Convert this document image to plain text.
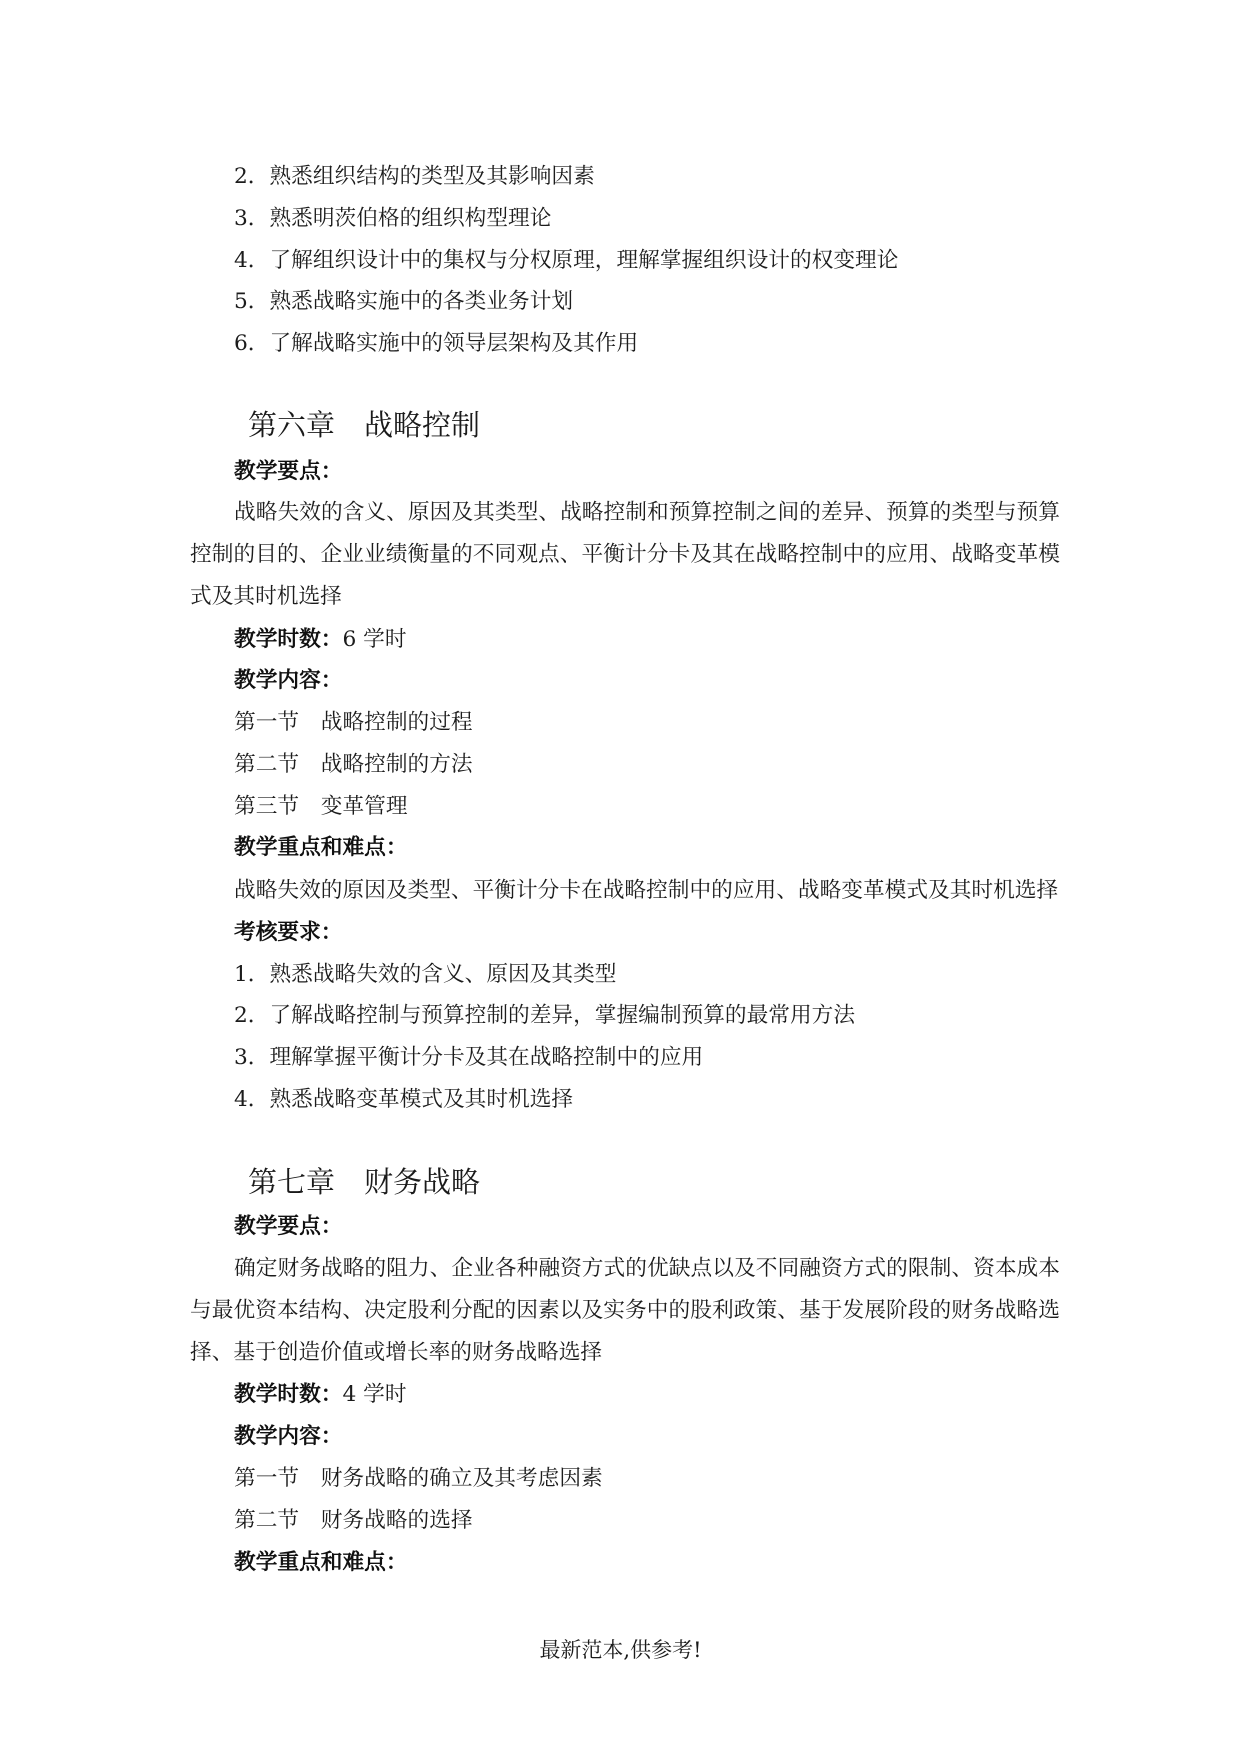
2．熟悉组织结构的类型及其影响因素
3．熟悉明茨伯格的组织构型理论
4．了解组织设计中的集权与分权原理，理解掌握组织设计的权变理论
5．熟悉战略实施中的各类业务计划
6．了解战略实施中的领导层架构及其作用
第六章　战略控制
教学要点：
战略失效的含义、原因及其类型、战略控制和预算控制之间的差异、预算的类型与预算
控制的目的、企业业绩衡量的不同观点、平衡计分卡及其在战略控制中的应用、战略变革模
式及其时机选择
教学时数：6 学时
教学内容：
第一节　战略控制的过程
第二节　战略控制的方法
第三节　变革管理
教学重点和难点：
战略失效的原因及类型、平衡计分卡在战略控制中的应用、战略变革模式及其时机选择
考核要求：
1．熟悉战略失效的含义、原因及其类型
2．了解战略控制与预算控制的差异，掌握编制预算的最常用方法
3．理解掌握平衡计分卡及其在战略控制中的应用
4．熟悉战略变革模式及其时机选择
第七章　财务战略
教学要点：
确定财务战略的阻力、企业各种融资方式的优缺点以及不同融资方式的限制、资本成本
与最优资本结构、决定股利分配的因素以及实务中的股利政策、基于发展阶段的财务战略选
择、基于创造价值或增长率的财务战略选择
教学时数：4 学时
教学内容：
第一节　财务战略的确立及其考虑因素
第二节　财务战略的选择
教学重点和难点：
最新范本,供参考!
